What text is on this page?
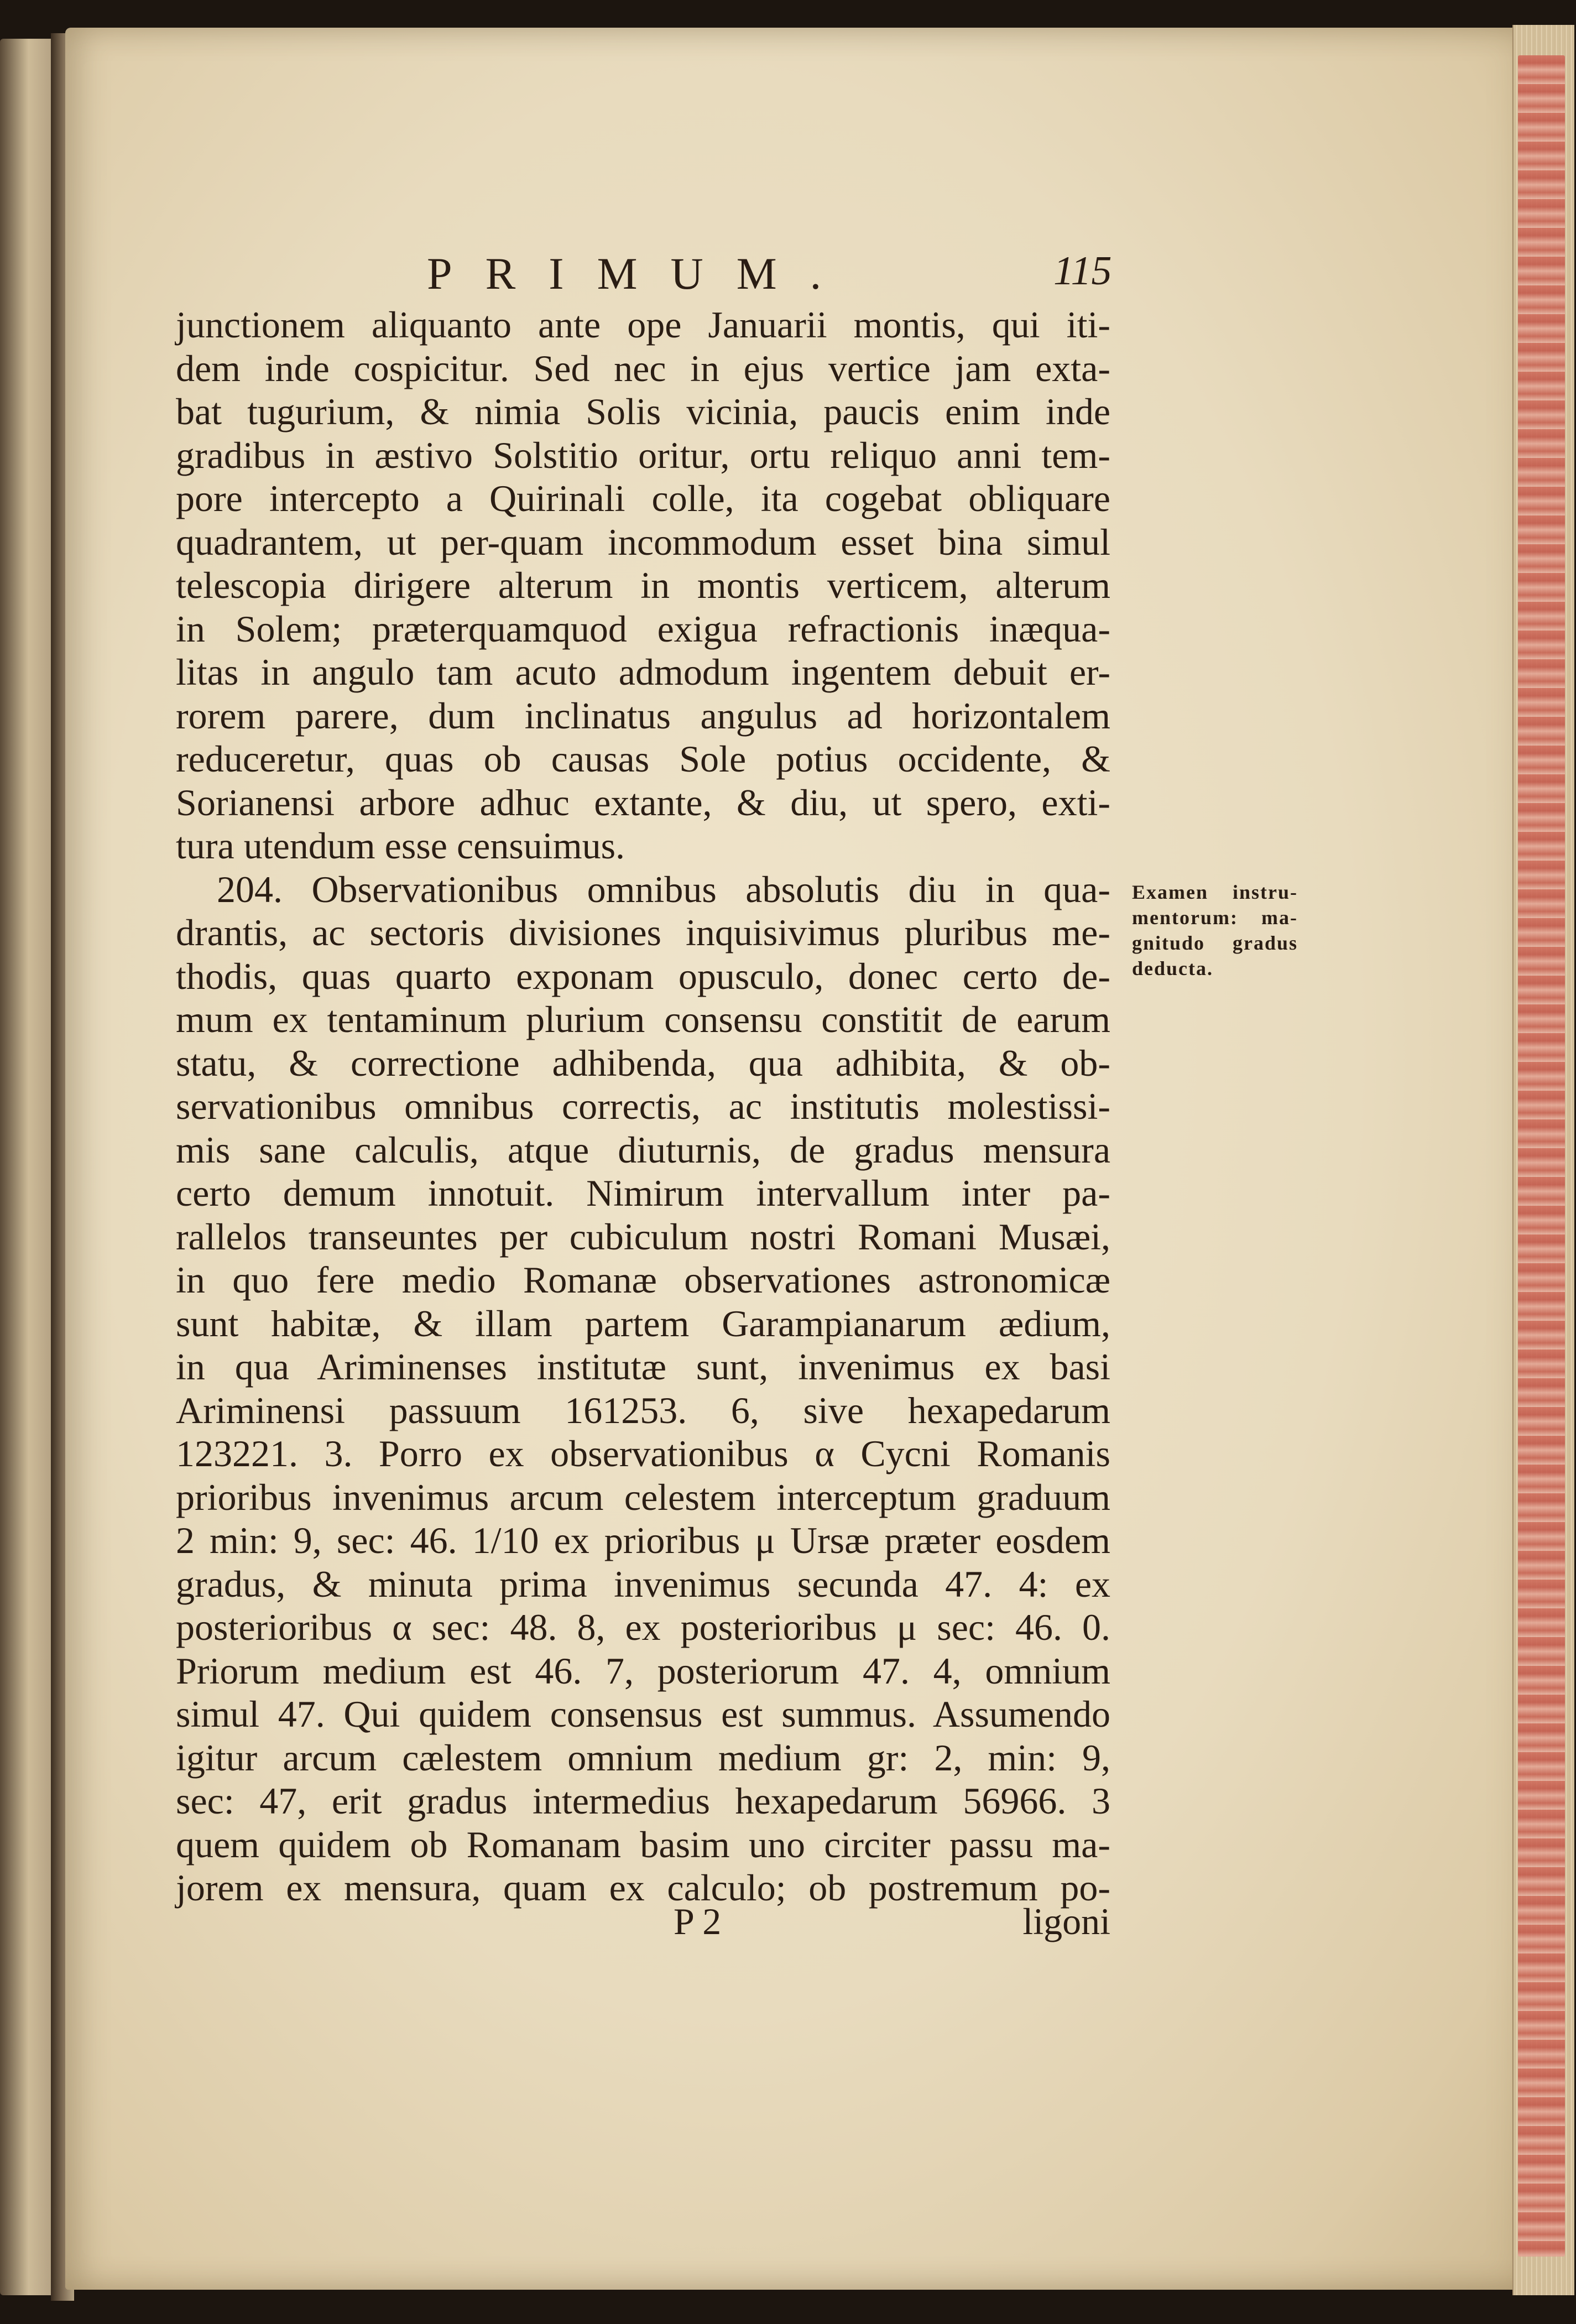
PRIMUM.	115
junctionem aliquanto ante ope Januarii montis, qui iti-
dem inde cospicitur. Sed nec in ejus vertice jam exta-
bat tugurium, & nimia Solis vicinia, paucis enim inde
gradibus in æstivo Solstitio oritur, ortu reliquo anni tem-
pore intercepto a Quirinali colle, ita cogebat obliquare
quadrantem, ut per-quam incommodum esset bina simul
telescopia dirigere alterum in montis verticem, alterum
in Solem; præterquamquod exigua refractionis inæqua-
litas in angulo tam acuto admodum ingentem debuit er-
rorem parere, dum inclinatus angulus ad horizontalem
reduceretur, quas ob causas Sole potius occidente, &
Sorianensi arbore adhuc extante, & diu, ut spero, exti-
tura utendum esse censuimus.
204. Observationibus omnibus absolutis diu in qua-
drantis, ac sectoris divisiones inquisivimus pluribus me-
thodis, quas quarto exponam opusculo, donec certo de-
mum ex tentaminum plurium consensu constitit de earum
statu, & correctione adhibenda, qua adhibita, & ob-
servationibus omnibus correctis, ac institutis molestissi-
mis sane calculis, atque diuturnis, de gradus mensura
certo demum innotuit. Nimirum intervallum inter pa-
rallelos transeuntes per cubiculum nostri Romani Musæi,
in quo fere medio Romanæ observationes astronomicæ
sunt habitæ, & illam partem Garampianarum ædium,
in qua Ariminenses institutæ sunt, invenimus ex basi
Ariminensi passuum 161253. 6, sive hexapedarum
123221. 3. Porro ex observationibus α Cycni Romanis
prioribus invenimus arcum celestem interceptum graduum
2 min: 9, sec: 46. 1/10 ex prioribus μ Ursæ præter eosdem
gradus, & minuta prima invenimus secunda 47. 4: ex
posterioribus α sec: 48. 8, ex posterioribus μ sec: 46. 0.
Priorum medium est 46. 7, posteriorum 47. 4, omnium
simul 47. Qui quidem consensus est summus. Assumendo
igitur arcum cælestem omnium medium gr: 2, min: 9,
sec: 47, erit gradus intermedius hexapedarum 56966. 3
quem quidem ob Romanam basim uno circiter passu ma-
jorem ex mensura, quam ex calculo; ob postremum po-
Examen instru-
mentorum: ma-
gnitudo gradus
deducta.
P 2	ligoni
